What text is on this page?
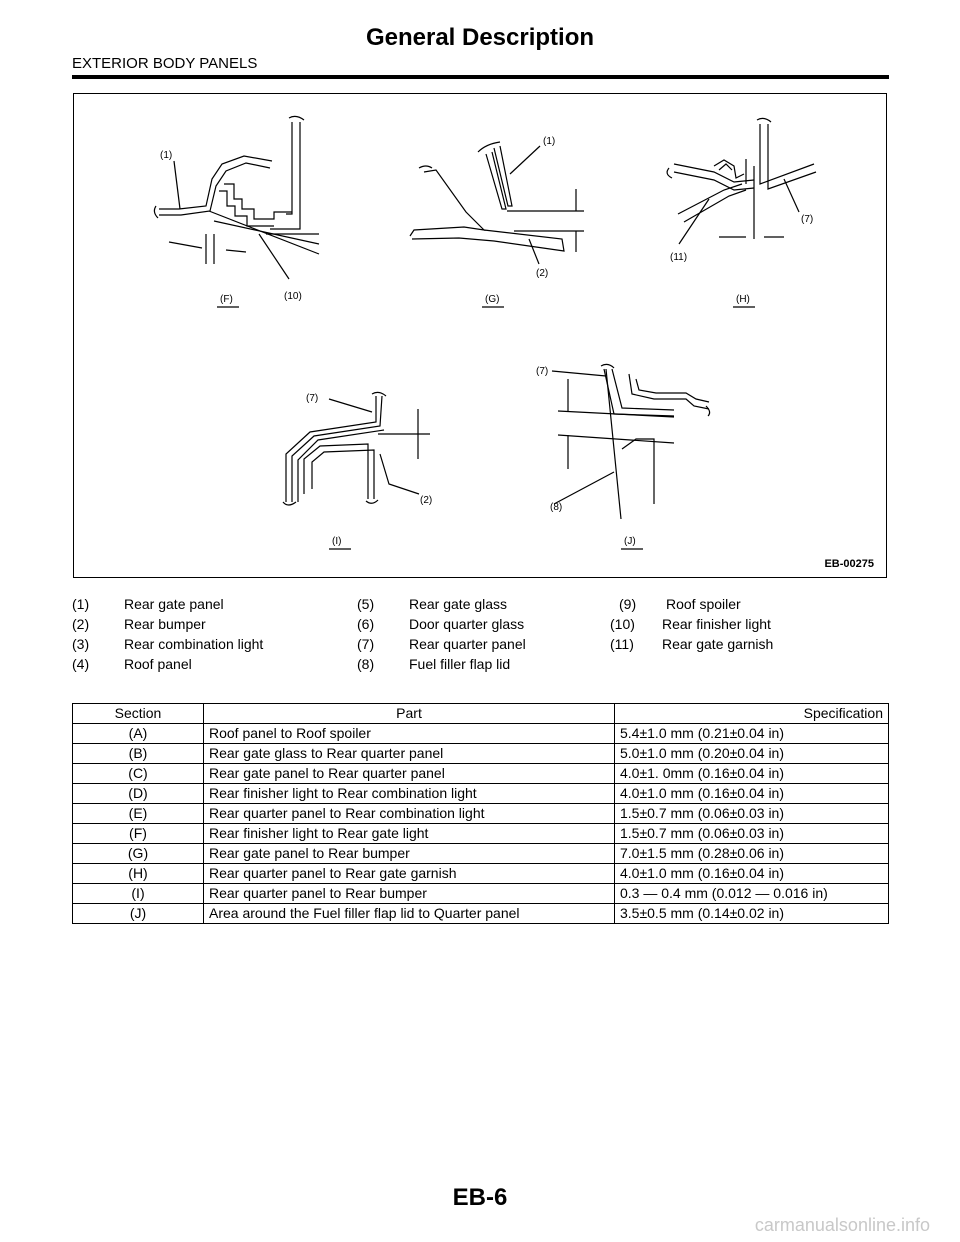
General Description
EXTERIOR BODY PANELS
(1)
(10)
(F)
(1)
(2)
(G)
(11)
(7)
(H)
(7)
(2)
(I)
(7)
(8)
(J)
EB-00275
(1) Rear gate panel	(5) Rear gate glass	(9) Roof spoiler
(2) Rear bumper	(6) Door quarter glass	(10) Rear finisher light
(3) Rear combination light	(7) Rear quarter panel	(11) Rear gate garnish
(4) Roof panel	(8) Fuel filler flap lid
Section	Part	Specification
(A)	Roof panel to Roof spoiler	5.4±1.0 mm (0.21±0.04 in)
(B)	Rear gate glass to Rear quarter panel	5.0±1.0 mm (0.20±0.04 in)
(C)	Rear gate panel to Rear quarter panel	4.0±1. 0mm (0.16±0.04 in)
(D)	Rear finisher light to Rear combination light	4.0±1.0 mm (0.16±0.04 in)
(E)	Rear quarter panel to Rear combination light	1.5±0.7 mm (0.06±0.03 in)
(F)	Rear finisher light to Rear gate light	1.5±0.7 mm (0.06±0.03 in)
(G)	Rear gate panel to Rear bumper	7.0±1.5 mm (0.28±0.06 in)
(H)	Rear quarter panel to Rear gate garnish	4.0±1.0 mm (0.16±0.04 in)
(I)	Rear quarter panel to Rear bumper	0.3 — 0.4 mm (0.012 — 0.016 in)
(J)	Area around the Fuel filler flap lid to Quarter panel	3.5±0.5 mm (0.14±0.02 in)
EB-6
carmanualsonline.info
